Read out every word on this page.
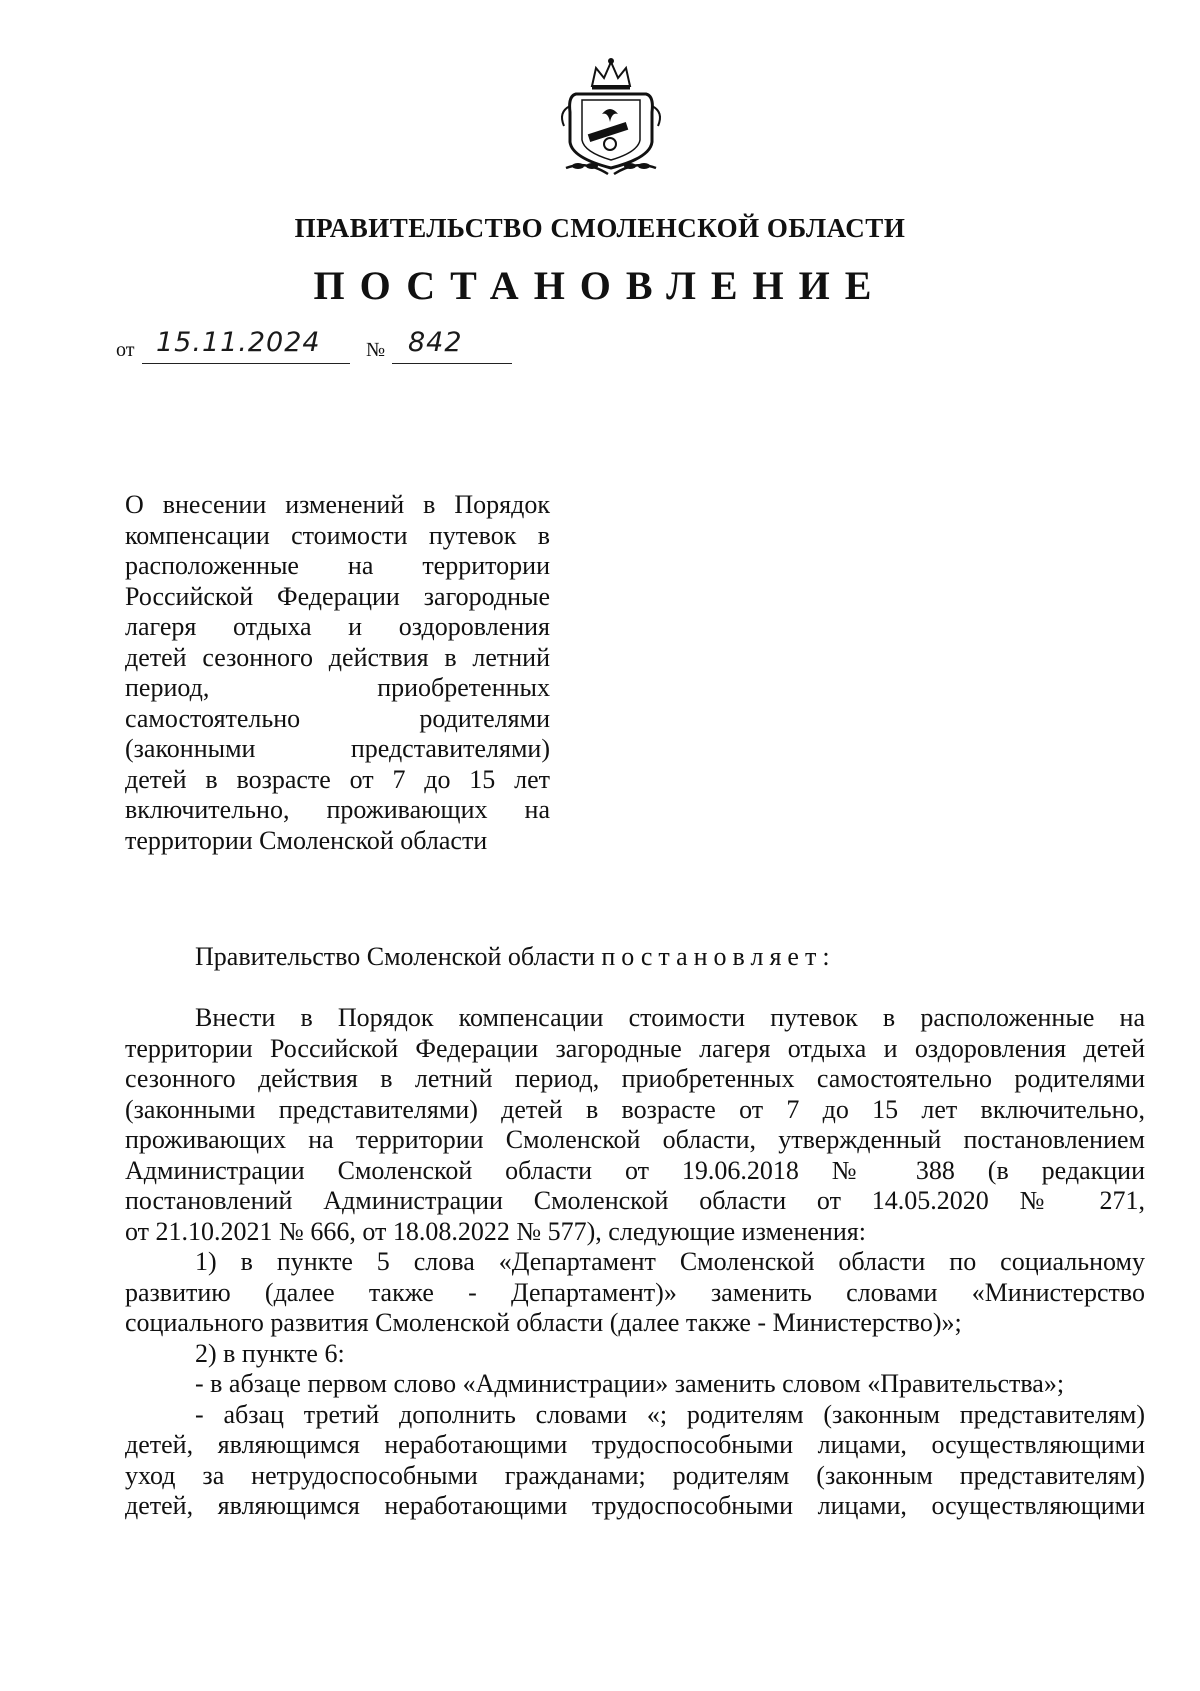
ПРАВИТЕЛЬСТВО СМОЛЕНСКОЙ ОБЛАСТИ
ПОСТАНОВЛЕНИЕ
от 15.11.2024 № 842
О внесении изменений в Порядок
компенсации стоимости путевок в
расположенные на территории
Российской Федерации загородные
лагеря отдыха и оздоровления
детей сезонного действия в летний
период, приобретенных
самостоятельно родителями
(законными представителями)
детей в возрасте от 7 до 15 лет
включительно, проживающих на
территории Смоленской области
Правительство Смоленской области постановляет:
Внести в Порядок компенсации стоимости путевок в расположенные на
территории Российской Федерации загородные лагеря отдыха и оздоровления детей
сезонного действия в летний период, приобретенных самостоятельно родителями
(законными представителями) детей в возрасте от 7 до 15 лет включительно,
проживающих на территории Смоленской области, утвержденный постановлением
Администрации Смоленской области от 19.06.2018 № 388 (в редакции
постановлений Администрации Смоленской области от 14.05.2020 № 271,
от 21.10.2021 № 666, от 18.08.2022 № 577), следующие изменения:
1) в пункте 5 слова «Департамент Смоленской области по социальному
развитию (далее также - Департамент)» заменить словами «Министерство
социального развития Смоленской области (далее также - Министерство)»;
2) в пункте 6:
- в абзаце первом слово «Администрации» заменить словом «Правительства»;
- абзац третий дополнить словами «; родителям (законным представителям)
детей, являющимся неработающими трудоспособными лицами, осуществляющими
уход за нетрудоспособными гражданами; родителям (законным представителям)
детей, являющимся неработающими трудоспособными лицами, осуществляющими
